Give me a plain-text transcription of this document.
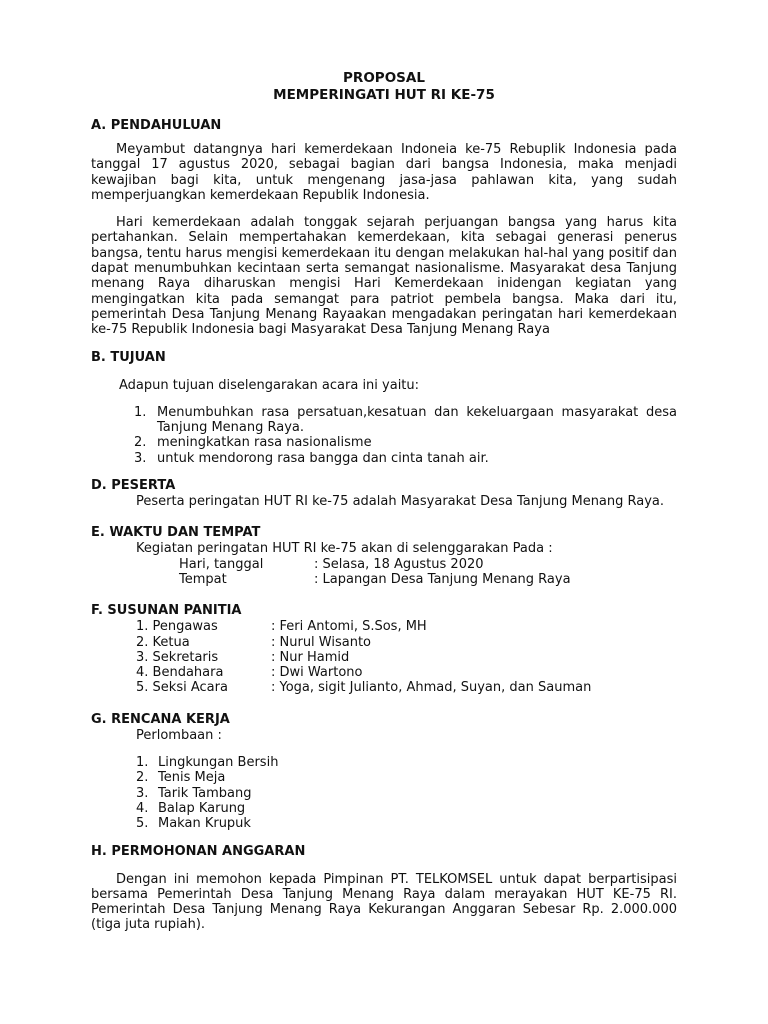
PROPOSAL
MEMPERINGATI HUT RI KE-75
A. PENDAHULUAN

Meyambut datangnya hari kemerdekaan Indoneia ke-75 Rebuplik Indonesia pada tanggal 17 agustus 2020, sebagai bagian dari bangsa Indonesia, maka menjadi kewajiban bagi kita, untuk mengenang jasa-jasa pahlawan kita, yang sudah memperjuangkan kemerdekaan Republik Indonesia.

Hari kemerdekaan adalah tonggak sejarah perjuangan bangsa yang harus kita pertahankan. Selain mempertahakan kemerdekaan, kita sebagai generasi penerus bangsa, tentu harus mengisi kemerdekaan itu dengan melakukan hal-hal yang positif dan dapat menumbuhkan kecintaan serta semangat nasionalisme. Masyarakat desa Tanjung menang Raya diharuskan mengisi Hari Kemerdekaan inidengan kegiatan yang mengingatkan kita pada semangat para patriot pembela bangsa. Maka dari itu, pemerintah Desa Tanjung Menang Rayaakan mengadakan peringatan hari kemerdekaan ke-75 Republik Indonesia bagi Masyarakat Desa Tanjung Menang Raya

B. TUJUAN

Adapun tujuan diselengarakan acara ini yaitu:

1. Menumbuhkan rasa persatuan,kesatuan dan kekeluargaan masyarakat desa Tanjung Menang Raya.
2. meningkatkan rasa nasionalisme
3. untuk mendorong rasa bangga dan cinta tanah air.
D. PESERTA

Peserta peringatan HUT RI ke-75 adalah Masyarakat Desa Tanjung Menang Raya.

E. WAKTU DAN TEMPAT

Kegiatan peringatan HUT RI ke-75 akan di selenggarakan Pada :

Hari, tanggal	: Selasa, 18 Agustus 2020
Tempat	: Lapangan Desa Tanjung Menang Raya
F. SUSUNAN PANITIA
1. Pengawas	: Feri Antomi, S.Sos, MH
2. Ketua	: Nurul Wisanto
3. Sekretaris	: Nur Hamid
4. Bendahara	: Dwi Wartono
5. Seksi Acara	: Yoga, sigit Julianto, Ahmad, Suyan, dan Sauman
G. RENCANA KERJA

Perlombaan :

1. Lingkungan Bersih
2. Tenis Meja
3. Tarik Tambang
4. Balap Karung
5. Makan Krupuk
H. PERMOHONAN ANGGARAN

Dengan ini memohon kepada Pimpinan PT. TELKOMSEL untuk dapat berpartisipasi bersama Pemerintah Desa Tanjung Menang Raya dalam merayakan HUT KE-75 RI. Pemerintah Desa Tanjung Menang Raya Kekurangan Anggaran Sebesar Rp. 2.000.000 (tiga juta rupiah).
